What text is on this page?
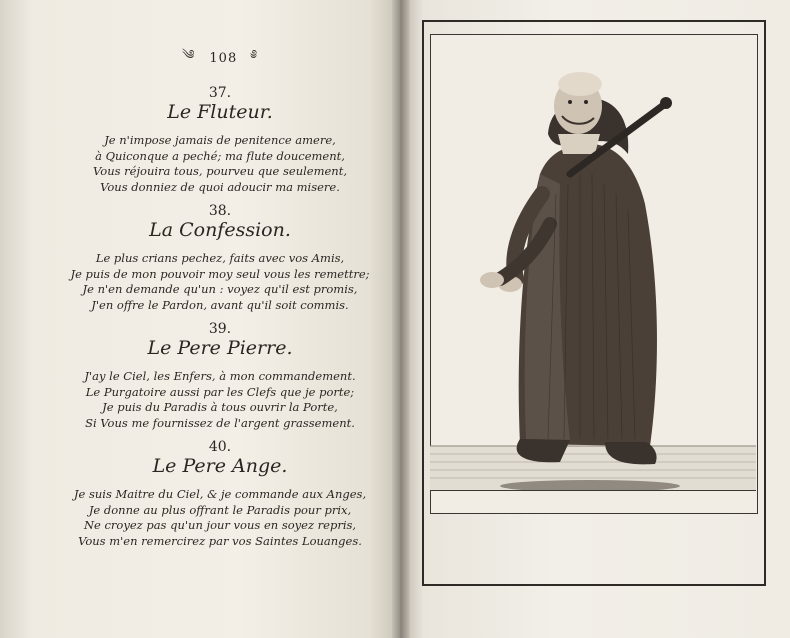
༄ 108 ༅
37.
Le Fluteur.
Je n'impose jamais de penitence amere,
à Quiconque a peché; ma flute doucement,
Vous réjouira tous, pourveu que seulement,
Vous donniez de quoi adoucir ma misere.
38.
La Confession.
Le plus crians pechez, faits avec vos Amis,
Je puis de mon pouvoir moy seul vous les remettre;
Je n'en demande qu'un : voyez qu'il est promis,
J'en offre le Pardon, avant qu'il soit commis.
39.
Le Pere Pierre.
J'ay le Ciel, les Enfers, à mon commandement.
Le Purgatoire aussi par les Clefs que je porte;
Je puis du Paradis à tous ouvrir la Porte,
Si Vous me fournissez de l'argent grassement.
40.
Le Pere Ange.
Je suis Maitre du Ciel, & je commande aux Anges,
Je donne au plus offrant le Paradis pour prix,
Ne croyez pas qu'un jour vous en soyez repris,
Vous m'en remercirez par vos Saintes Louanges.
